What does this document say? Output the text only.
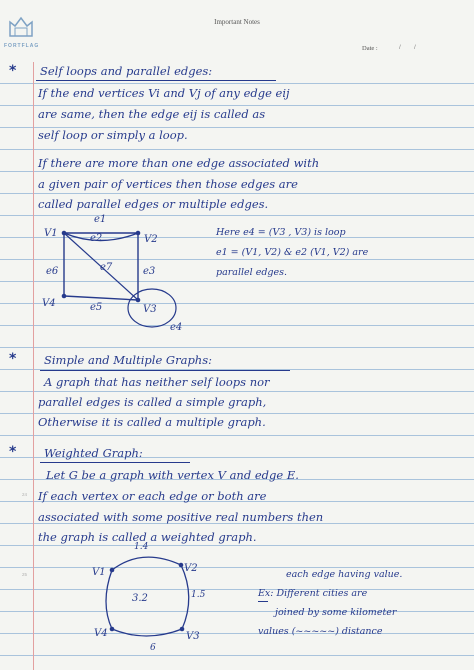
FORTFLAG
Important Notes
Date :	/ /
24
25
* Self loops and parallel edges:
If the end vertices Vi and Vj of any edge eij
are same, then the edge eij is called as
self loop or simply a loop.
If there are more than one edge associated with
a given pair of vertices then those edges are
called parallel edges or multiple edges.
V1
V2
V3
V4
e1
e2
e7	e3
e5
e6
e4
Here e4 = (V3 , V3) is loop
e1 = (V1, V2) & e2 (V1, V2) are
parallel edges.
* Simple and Multiple Graphs:
A graph that has neither self loops nor
parallel edges is called a simple graph,
Otherwise it is called a multiple graph.
* Weighted Graph:
Let G be a graph with vertex V and edge E.
If each vertex or each edge or both are
associated with some positive real numbers then
the graph is called a weighted graph.
V1	V2
V3
V4
1.4
1.5
6
3.2
each edge having value.
Ex: Different cities are
joined by some kilometer
values (~~~~~) distance
